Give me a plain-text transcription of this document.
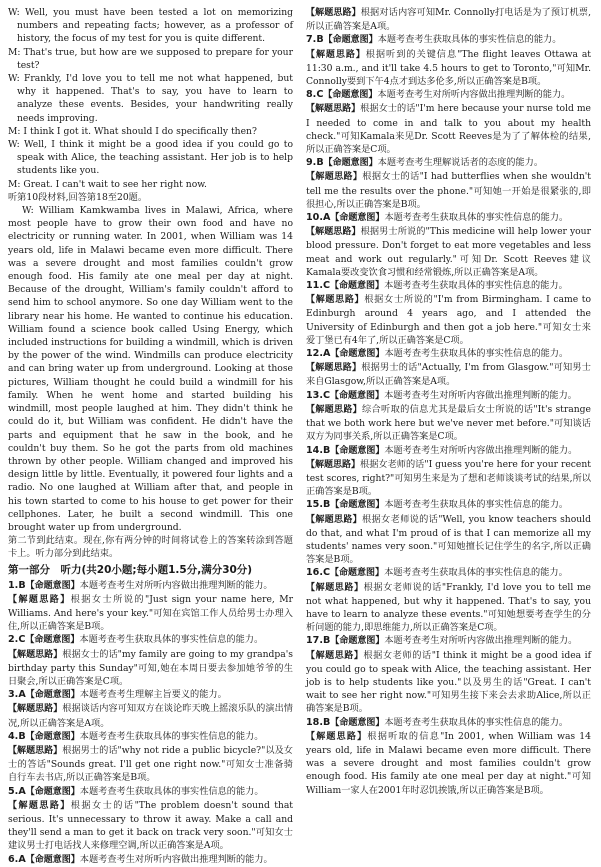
W: Well, you must have been tested a lot on memorizing numbers and repeating facts; however, as a professor of history, the focus of my test for you is quite different.

M: That's true, but how are we supposed to prepare for your test?

W: Frankly, I'd love you to tell me not what happened, but why it happened. That's to say, you have to learn to analyze these events. Besides, your handwriting really needs improving.

M: I think I got it. What should I do specifically then?

W: Well, I think it might be a good idea if you could go to speak with Alice, the teaching assistant. Her job is to help students like you.

M: Great. I can't wait to see her right now.

听第10段材料,回答第18至20题。

W: William Kamkwamba lives in Malawi, Africa, where most people have to grow their own food and have no electricity or running water. In 2001, when William was 14 years old, life in Malawi became even more difficult. There was a severe drought and most families couldn't grow enough food. His family ate one meal per day at night. Because of the drought, William's family couldn't afford to send him to school anymore. So one day William went to the library near his home. He wanted to continue his education. William found a science book called Using Energy, which included instructions for building a windmill, which is driven by the power of the wind. Windmills can produce electricity and can bring water up from underground. Looking at those pictures, William thought he could build a windmill for his family. When he went home and started building his windmill, most people laughed at him. They didn't think he could do it, but William was confident. He didn't have the parts and equipment that he saw in the book, and he couldn't buy them. So he got the parts from old machines thrown by other people. William changed and improved his design little by little. Eventually, it powered four lights and a radio. No one laughed at William after that, and people in his town started to come to his house to get power for their cellphones. Later, he built a second windmill. This one brought water up from underground.

第二节到此结束。现在,你有两分钟的时间将试卷上的答案转涂到答题卡上。听力部分到此结束。

第一部分　听力(共20小题;每小题1.5分,满分30分)

1.B【命题意图】本题考查考生对所听内容做出推理判断的能力。
【解题思路】根据女士所说的"Just sign your name here, Mr Williams. And here's your key."可知在宾馆工作人员给男士办理入住,所以正确答案是B项。

2.C【命题意图】本题考查考生获取具体的事实性信息的能力。
【解题思路】根据女士的话"my family are going to my grandpa's birthday party this Sunday"可知,她在本周日要去参加她爷爷的生日聚会,所以正确答案是C项。

3.A【命题意图】本题考查考生理解主旨要义的能力。
【解题思路】根据谈话内容可知双方在谈论昨天晚上摇滚乐队的演出情况,所以正确答案是A项。

4.B【命题意图】本题考查考生获取具体的事实性信息的能力。
【解题思路】根据男士的话"why not ride a public bicycle?"以及女士的答话"Sounds great. I'll get one right now."可知女士准备骑自行车去书店,所以正确答案是B项。

5.A【命题意图】本题考查考生获取具体的事实性信息的能力。
【解题思路】根据女士的话"The problem doesn't sound that serious. It's unnecessary to throw it away. Make a call and they'll send a man to get it back on track very soon."可知女士建议男士打电话找人来修理空调,所以正确答案是A项。

6.A【命题意图】本题考查考生对所听内容做出推理判断的能力。

【解题思路】根据对话内容可知Mr. Connolly打电话是为了预订机票,所以正确答案是A项。

7.B【命题意图】本题考查考生获取具体的事实性信息的能力。
【解题思路】根据听到的关键信息"The flight leaves Ottawa at 11:30 a.m., and it'll take 4.5 hours to get to Toronto,"可知Mr. Connolly要到下午4点才到达多伦多,所以正确答案是B项。

8.C【命题意图】本题考查考生对所听内容做出推理判断的能力。
【解题思路】根据女士的话"I'm here because your nurse told me I needed to come in and talk to you about my health check."可知Kamala来见Dr. Scott Reeves是为了了解体检的结果,所以正确答案是C项。

9.B【命题意图】本题考查考生理解说话者的态度的能力。
【解题思路】根据女士的话"I had butterflies when she wouldn't tell me the results over the phone."可知她一开始是很紧张的,即很担心,所以正确答案是B项。

10.A【命题意图】本题考查考生获取具体的事实性信息的能力。
【解题思路】根据男士所说的"This medicine will help lower your blood pressure. Don't forget to eat more vegetables and less meat and work out regularly."可知Dr. Scott Reeves建议Kamala要改变饮食习惯和经常锻炼,所以正确答案是A项。

11.C【命题意图】本题考查考生获取具体的事实性信息的能力。
【解题思路】根据女士所说的"I'm from Birmingham. I came to Edinburgh around 4 years ago, and I attended the University of Edinburgh and then got a job here."可知女士来爱丁堡已有4年了,所以正确答案是C项。

12.A【命题意图】本题考查考生获取具体的事实性信息的能力。
【解题思路】根据男士的话"Actually, I'm from Glasgow."可知男士来自Glasgow,所以正确答案是A项。

13.C【命题意图】本题考查考生对所听内容做出推理判断的能力。
【解题思路】综合听取的信息尤其是最后女士所说的话"It's strange that we both work here but we've never met before."可知谈话双方为同事关系,所以正确答案是C项。

14.B【命题意图】本题考查考生对所听内容做出推理判断的能力。
【解题思路】根据女老师的话"I guess you're here for your recent test scores, right?"可知男生来是为了想和老师谈谈考试的结果,所以正确答案是B项。

15.B【命题意图】本题考查考生获取具体的事实性信息的能力。
【解题思路】根据女老师说的话"Well, you know teachers should do that, and what I'm proud of is that I can memorize all my students' names very soon."可知她擅长记住学生的名字,所以正确答案是B项。

16.C【命题意图】本题考查考生获取具体的事实性信息的能力。
【解题思路】根据女老师说的话"Frankly, I'd love you to tell me not what happened, but why it happened. That's to say, you have to learn to analyze these events."可知她想要考查学生的分析问题的能力,即思维能力,所以正确答案是C项。

17.B【命题意图】本题考查考生对所听内容做出推理判断的能力。
【解题思路】根据女老师的话"I think it might be a good idea if you could go to speak with Alice, the teaching assistant. Her job is to help students like you."以及男生的话"Great. I can't wait to see her right now."可知男生接下来会去求助Alice,所以正确答案是B项。

18.B【命题意图】本题考查考生获取具体的事实性信息的能力。
【解题思路】根据听取的信息"In 2001, when William was 14 years old, life in Malawi became even more difficult. There was a severe drought and most families couldn't grow enough food. His family ate one meal per day at night."可知William一家人在2001年时忍饥挨饿,所以正确答案是B项。
